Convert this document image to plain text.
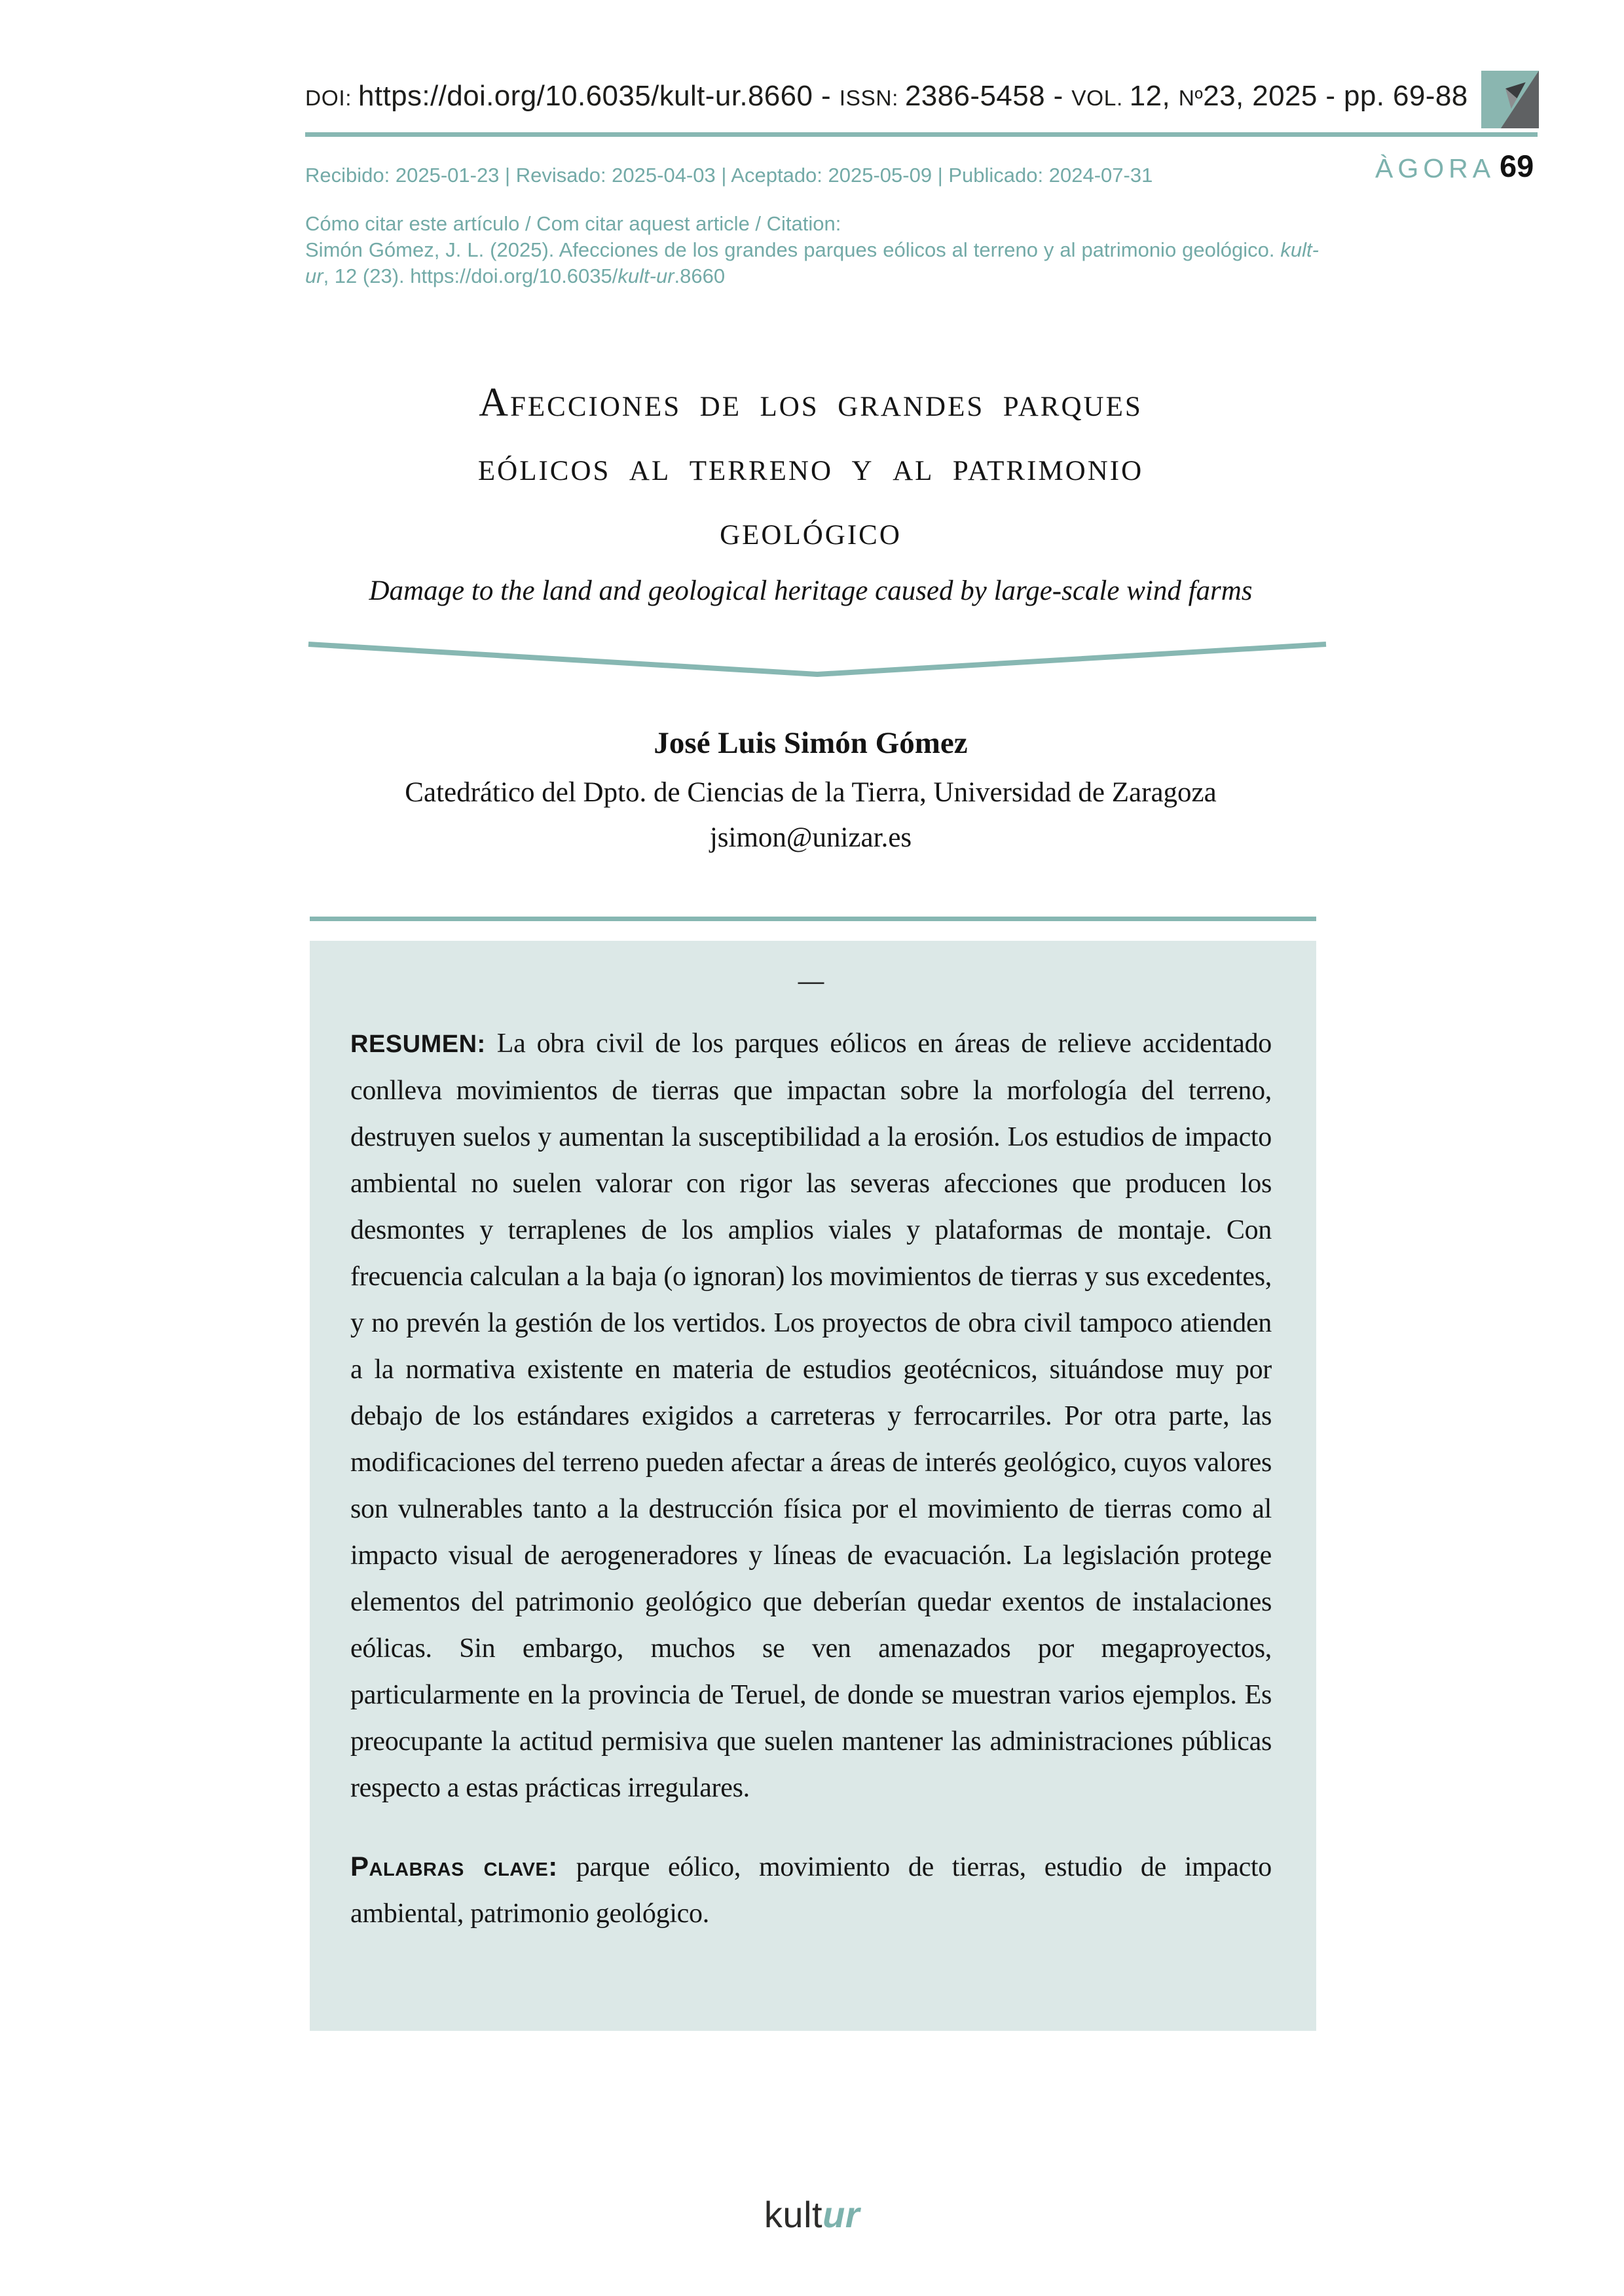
DOI: https://doi.org/10.6035/kult-ur.8660 - ISSN: 2386-5458 - VOL. 12, Nº23, 2025 - pp. 69-88
ÀGORA 69

Recibido: 2025-01-23 | Revisado: 2025-04-03 | Aceptado: 2025-05-09 | Publicado: 2024-07-31

Cómo citar este artículo / Com citar aquest article / Citation:

Simón Gómez, J. L. (2025). Afecciones de los grandes parques eólicos al terreno y al patrimonio geológico. kult-ur, 12 (23). https://doi.org/10.6035/kult-ur.8660

Afecciones de los grandes parques
eólicos al terreno y al patrimonio
geológico
Damage to the land and geological heritage caused by large-scale wind farms

José Luis Simón Gómez

Catedrático del Dpto. de Ciencias de la Tierra, Universidad de Zaragoza

jsimon@unizar.es

—

RESUMEN: La obra civil de los parques eólicos en áreas de relieve accidentado conlleva movimientos de tierras que impactan sobre la morfología del terreno, destruyen suelos y aumentan la susceptibilidad a la erosión. Los estudios de impacto ambiental no suelen valorar con rigor las severas afecciones que producen los desmontes y terraplenes de los amplios viales y plataformas de montaje. Con frecuencia calculan a la baja (o ignoran) los movimientos de tierras y sus excedentes, y no prevén la gestión de los vertidos. Los proyectos de obra civil tampoco atienden a la normativa existente en materia de estudios geotécnicos, situándose muy por debajo de los estándares exigidos a carreteras y ferrocarriles. Por otra parte, las modificaciones del terreno pueden afectar a áreas de interés geológico, cuyos valores son vulnerables tanto a la destrucción física por el movimiento de tierras como al impacto visual de aerogeneradores y líneas de evacuación. La legislación protege elementos del patrimonio geológico que deberían quedar exentos de instalaciones eólicas. Sin embargo, muchos se ven amenazados por megaproyectos, particularmente en la provincia de Teruel, de donde se muestran varios ejemplos. Es preocupante la actitud permisiva que suelen mantener las administraciones públicas respecto a estas prácticas irregulares.

Palabras clave: parque eólico, movimiento de tierras, estudio de impacto ambiental, patrimonio geológico.

kultur
